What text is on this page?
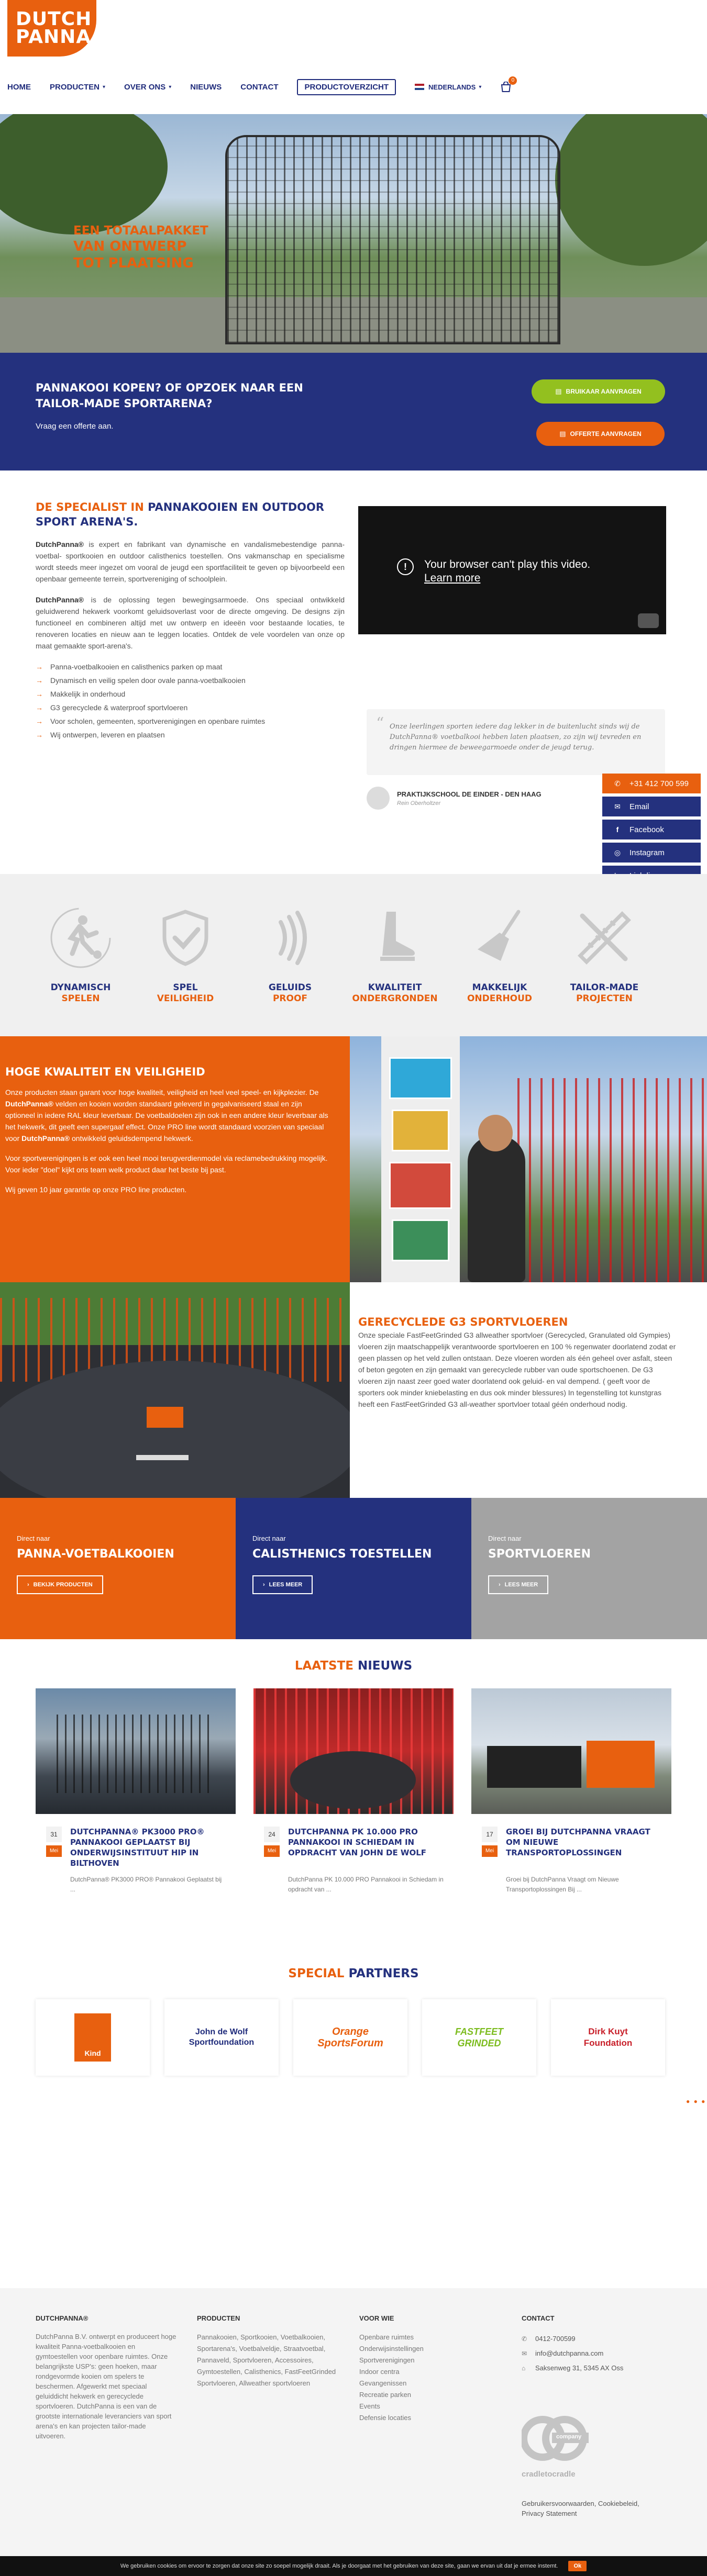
DUTCH
PANNA
HOME PRODUCTEN ▾ OVER ONS ▾ NIEUWS CONTACT	PRODUCTOVERZICHT	NEDERLANDS ▾
0
EEN TOTAALPAKKET
VAN ONTWERP
TOT PLAATSING
PANNAKOOI KOPEN? OF OPZOEK NAAR EEN TAILOR-MADE SPORTARENA?
Vraag een offerte aan.
▤ BRUIKAAR AANVRAGEN
▤ OFFERTE AANVRAGEN
DE SPECIALIST IN PANNAKOOIEN EN OUTDOOR SPORT ARENA'S.

DutchPanna® is expert en fabrikant van dynamische en vandalismebestendige panna- voetbal- sportkooien en outdoor calisthenics toestellen. Ons vakmanschap en specialisme wordt steeds meer ingezet om vooral de jeugd een sportfaciliteit te geven op bijvoorbeeld een openbaar gemeente terrein, sportvereniging of schoolplein.

DutchPanna® is de oplossing tegen bewegingsarmoede. Ons speciaal ontwikkeld geluidwerend hekwerk voorkomt geluidsoverlast voor de directe omgeving. De designs zijn functioneel en combineren altijd met uw ontwerp en ideeën voor bestaande locaties, te renoveren locaties en nieuw aan te leggen locaties. Ontdek de vele voordelen van onze op maat gemaakte sport-arena's.

→ Panna-voetbalkooien en calisthenics parken op maat
→ Dynamisch en veilig spelen door ovale panna-voetbalkooien
→ Makkelijk in onderhoud
→ G3 gerecyclede & waterproof sportvloeren
→ Voor scholen, gemeenten, sportverenigingen en openbare ruimtes
→ Wij ontwerpen, leveren en plaatsen
!	Your browser can't play this video.
Learn more
“ Onze leerlingen sporten iedere dag lekker in de buitenlucht sinds wij de DutchPanna® voetbalkooi hebben laten plaatsen, zo zijn wij tevreden en dringen hiermee de beweegarmoede onder de jeugd terug.
PRAKTIJKSCHOOL DE EINDER - DEN HAAG
Rein Oberholtzer
✆	+31 412 700 599
✉	Email
f	Facebook
◎	Instagram
DYNAMISCH
SPELEN
SPEL
VEILIGHEID
GELUIDS
PROOF
KWALITEIT
ONDERGRONDEN
MAKKELIJK
ONDERHOUD
TAILOR-MADE
PROJECTEN
HOGE KWALITEIT EN VEILIGHEID

Onze producten staan garant voor hoge kwaliteit, veiligheid en heel veel speel- en kijkplezier. De DutchPanna® velden en kooien worden standaard geleverd in gegalvaniseerd staal en zijn optioneel in iedere RAL kleur leverbaar. De voetbaldoelen zijn ook in een andere kleur leverbaar als het hekwerk, dit geeft een supergaaf effect. Onze PRO line wordt standaard voorzien van speciaal voor DutchPanna® ontwikkeld geluidsdempend hekwerk.

Voor sportverenigingen is er ook een heel mooi terugverdienmodel via reclamebedrukking mogelijk. Voor ieder "doel" kijkt ons team welk product daar het beste bij past.

Wij geven 10 jaar garantie op onze PRO line producten.

GERECYCLEDE G3 SPORTVLOEREN

Onze speciale FastFeetGrinded G3 allweather sportvloer (Gerecycled, Granulated old Gympies) vloeren zijn maatschappelijk verantwoorde sportvloeren en 100 % regenwater doorlatend zodat er geen plassen op het veld zullen ontstaan. Deze vloeren worden als één geheel over asfalt, steen of beton gegoten en zijn gemaakt van gerecyclede rubber van oude sportschoenen. De G3 vloeren zijn naast zeer goed water doorlatend ook geluid- en val dempend. ( geeft voor de sporters ook minder kniebelasting en dus ook minder blessures) In tegenstelling tot kunstgras heeft een FastFeetGrinded G3 all-weather sportvloer totaal géén onderhoud nodig.

Direct naar
PANNA-VOETBALKOOIEN
› BEKIJK PRODUCTEN
Direct naar
CALISTHENICS TOESTELLEN
› LEES MEER
Direct naar
SPORTVLOEREN
› LEES MEER
LAATSTE NIEUWS
31
Mei
DUTCHPANNA® PK3000 PRO® PANNAKOOI GEPLAATST BIJ ONDERWIJSINSTITUUT HIP IN BILTHOVEN
DutchPanna® PK3000 PRO® Pannakooi Geplaatst bij ...
24
Mei
DUTCHPANNA PK 10.000 PRO PANNAKOOI IN SCHIEDAM IN OPDRACHT VAN JOHN DE WOLF
DutchPanna PK 10.000 PRO Pannakooi in Schiedam in opdracht van ...
17
Mei
GROEI BIJ DUTCHPANNA VRAAGT OM NIEUWE TRANSPORTOPLOSSINGEN
Groei bij DutchPanna Vraagt om Nieuwe Transportoplossingen Bij ...
SPECIAL PARTNERS
Kind
John de Wolf Sportfoundation
Orange SportsForum
FASTFEET GRINDED
Dirk Kuyt Foundation
● ● ●
DUTCHPANNA®

DutchPanna B.V. ontwerpt en produceert hoge kwaliteit Panna-voetbalkooien en gymtoestellen voor openbare ruimtes. Onze belangrijkste USP's: geen hoeken, maar rondgevormde kooien om spelers te beschermen. Afgewerkt met speciaal geluiddicht hekwerk en gerecyclede sportvloeren. DutchPanna is een van de grootste internationale leveranciers van sport arena's en kan projecten tailor-made uitvoeren.

PRODUCTEN

Pannakooien, Sportkooien, Voetbalkooien, Sportarena's, Voetbalveldje, Straatvoetbal, Pannaveld, Sportvloeren, Accessoires, Gymtoestellen, Calisthenics, FastFeetGrinded Sportvloeren, Allweather sportvloeren

VOOR WIE
Openbare ruimtes
Onderwijsinstellingen
Sportverenigingen
Indoor centra
Gevangenissen
Recreatie parken
Events
Defensie locaties
CONTACT
✆	0412-700599
✉	info@dutchpanna.com
⌂	Saksenweg 31, 5345 AX Oss
company
cradletocradle
Gebruikersvoorwaarden, Cookiebeleid, Privacy Statement
We gebruiken cookies om ervoor te zorgen dat onze site zo soepel mogelijk draait. Als je doorgaat met het gebruiken van deze site, gaan we ervan uit dat je ermee instemt.	Ok
